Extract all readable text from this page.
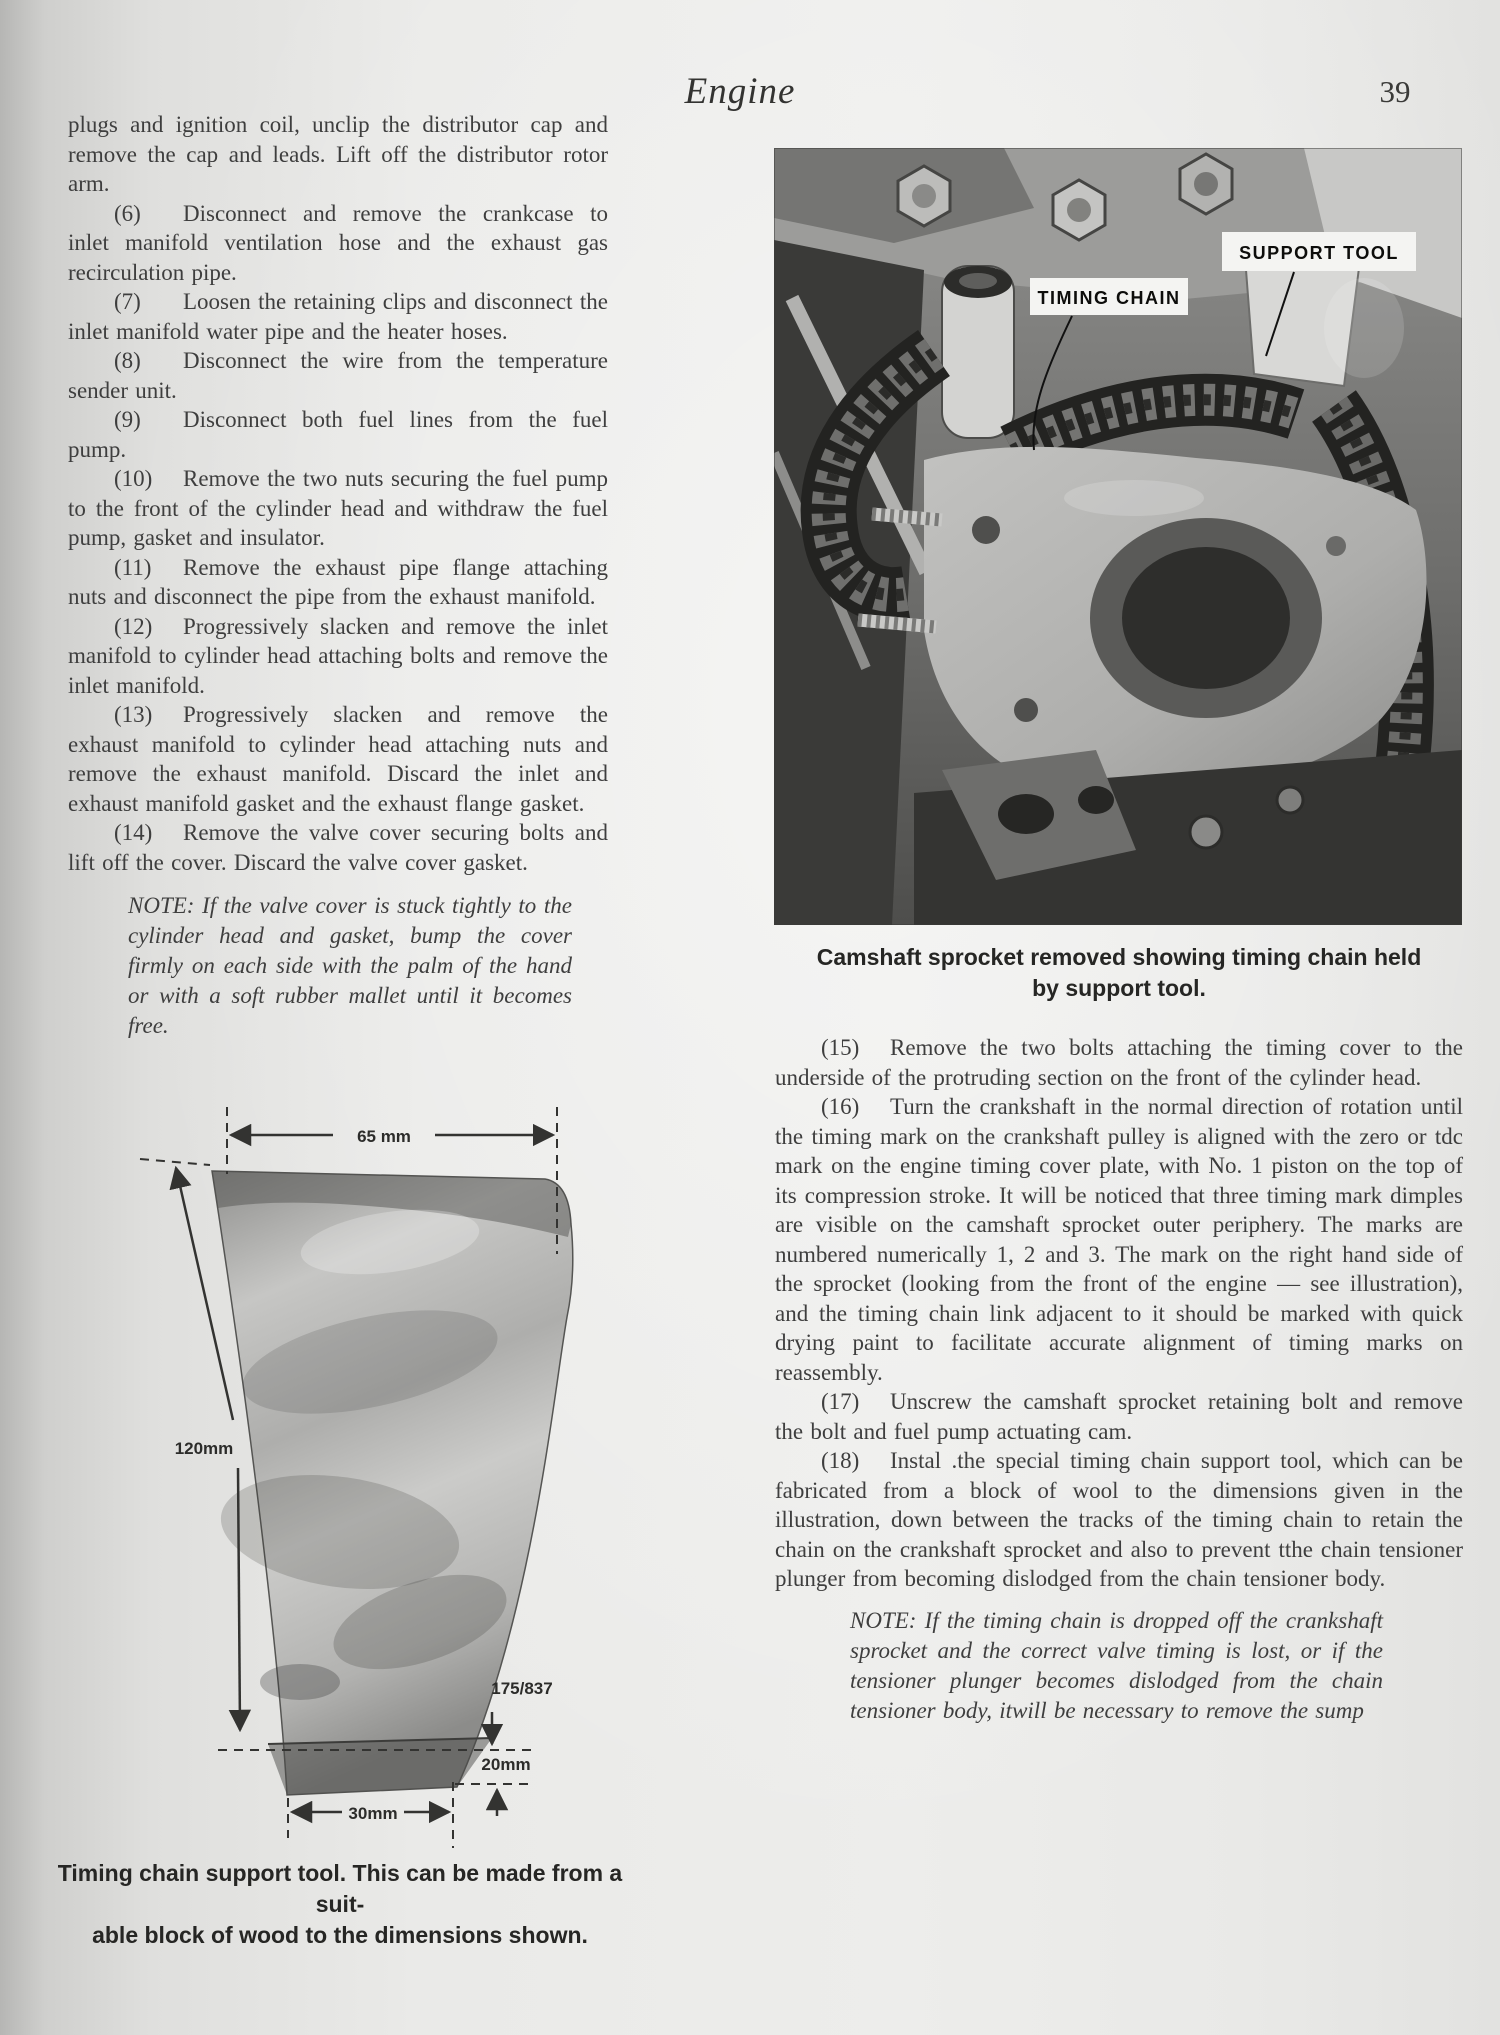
Engine	39

plugs and ignition coil, unclip the distributor cap and remove the cap and leads. Lift off the distributor rotor arm.

(6) Disconnect and remove the crankcase to inlet manifold ventilation hose and the exhaust gas recirculation pipe.

(7) Loosen the retaining clips and disconnect the inlet manifold water pipe and the heater hoses.

(8) Disconnect the wire from the temperature sender unit.

(9) Disconnect both fuel lines from the fuel pump.

(10) Remove the two nuts securing the fuel pump to the front of the cylinder head and withdraw the fuel pump, gasket and insulator.

(11) Remove the exhaust pipe flange attaching nuts and disconnect the pipe from the exhaust manifold.

(12) Progressively slacken and remove the inlet manifold to cylinder head attaching bolts and remove the inlet manifold.

(13) Progressively slacken and remove the exhaust manifold to cylinder head attaching nuts and remove the exhaust manifold. Discard the inlet and exhaust manifold gasket and the exhaust flange gasket.

(14) Remove the valve cover securing bolts and lift off the cover. Discard the valve cover gasket.

NOTE: If the valve cover is stuck tightly to the cylinder head and gasket, bump the cover firmly on each side with the palm of the hand or with a soft rubber mallet until it becomes free.

TIMING CHAIN
SUPPORT TOOL
Camshaft sprocket removed showing timing chain held
by support tool.

(15) Remove the two bolts attaching the timing cover to the underside of the protruding section on the front of the cylinder head.

(16) Turn the crankshaft in the normal direction of rotation until the timing mark on the crankshaft pulley is aligned with the zero or tdc mark on the engine timing cover plate, with No. 1 piston on the top of its compression stroke. It will be noticed that three timing mark dimples are visible on the camshaft sprocket outer periphery. The marks are numbered numerically 1, 2 and 3. The mark on the right hand side of the sprocket (looking from the front of the engine — see illustration), and the timing chain link adjacent to it should be marked with quick drying paint to facilitate accurate alignment of timing marks on reassembly.

(17) Unscrew the camshaft sprocket retaining bolt and remove the bolt and fuel pump actuating cam.

(18) Instal .the special timing chain support tool, which can be fabricated from a block of wool to the dimensions given in the illustration, down between the tracks of the timing chain to retain the chain on the crankshaft sprocket and also to prevent tthe chain tensioner plunger from becoming dislodged from the chain tensioner body.

NOTE: If the timing chain is dropped off the crankshaft sprocket and the correct valve timing is lost, or if the tensioner plunger becomes dislodged from the chain tensioner body, itwill be necessary to remove the sump

65 mm
120mm
175/837
20mm
30mm
Timing chain support tool. This can be made from a suit-
able block of wood to the dimensions shown.
